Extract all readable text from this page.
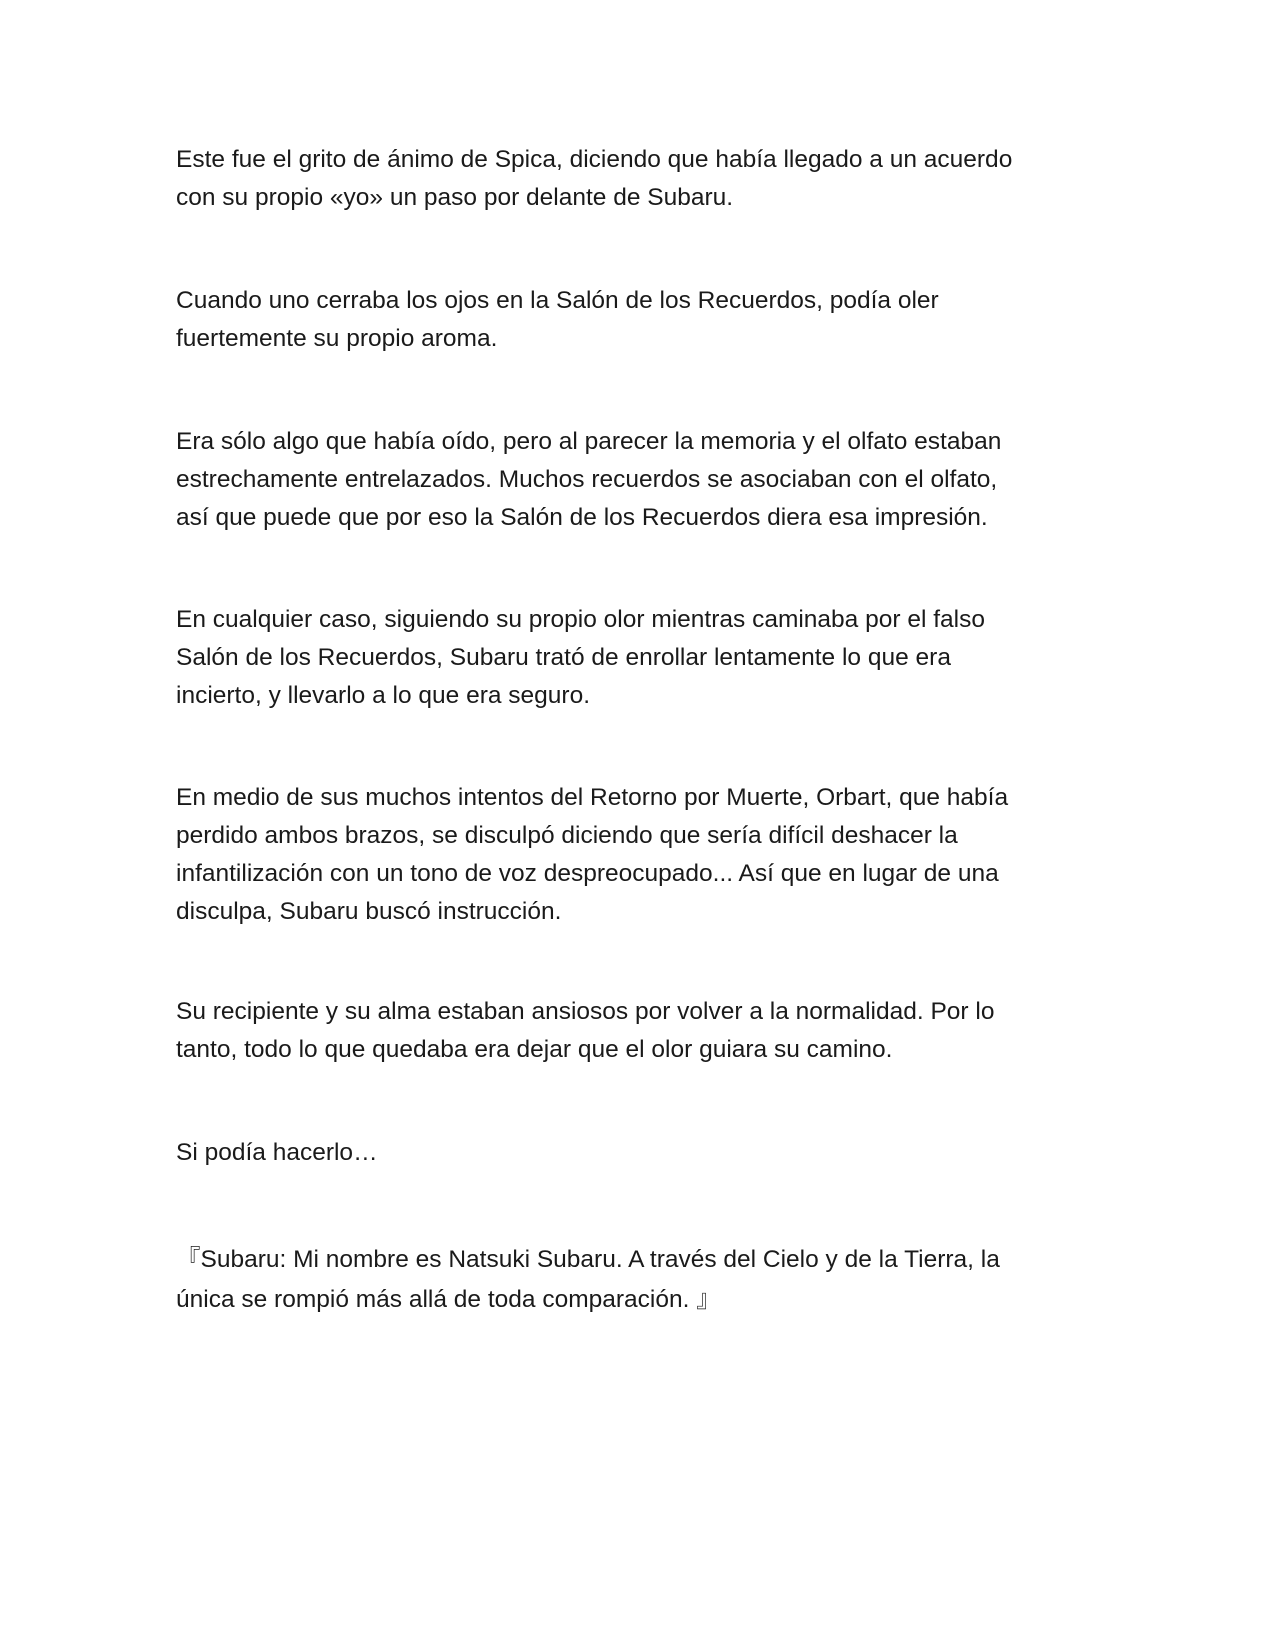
Este fue el grito de ánimo de Spica, diciendo que había llegado a un acuerdo
con su propio «yo» un paso por delante de Subaru.

Cuando uno cerraba los ojos en la Salón de los Recuerdos, podía oler
fuertemente su propio aroma.

Era sólo algo que había oído, pero al parecer la memoria y el olfato estaban
estrechamente entrelazados. Muchos recuerdos se asociaban con el olfato,
así que puede que por eso la Salón de los Recuerdos diera esa impresión.

En cualquier caso, siguiendo su propio olor mientras caminaba por el falso
Salón de los Recuerdos, Subaru trató de enrollar lentamente lo que era
incierto, y llevarlo a lo que era seguro.

En medio de sus muchos intentos del Retorno por Muerte, Orbart, que había
perdido ambos brazos, se disculpó diciendo que sería difícil deshacer la
infantilización con un tono de voz despreocupado... Así que en lugar de una
disculpa, Subaru buscó instrucción.

Su recipiente y su alma estaban ansiosos por volver a la normalidad. Por lo
tanto, todo lo que quedaba era dejar que el olor guiara su camino.

Si podía hacerlo…

『Subaru: Mi nombre es Natsuki Subaru. A través del Cielo y de la Tierra, la
única se rompió más allá de toda comparación. 』
